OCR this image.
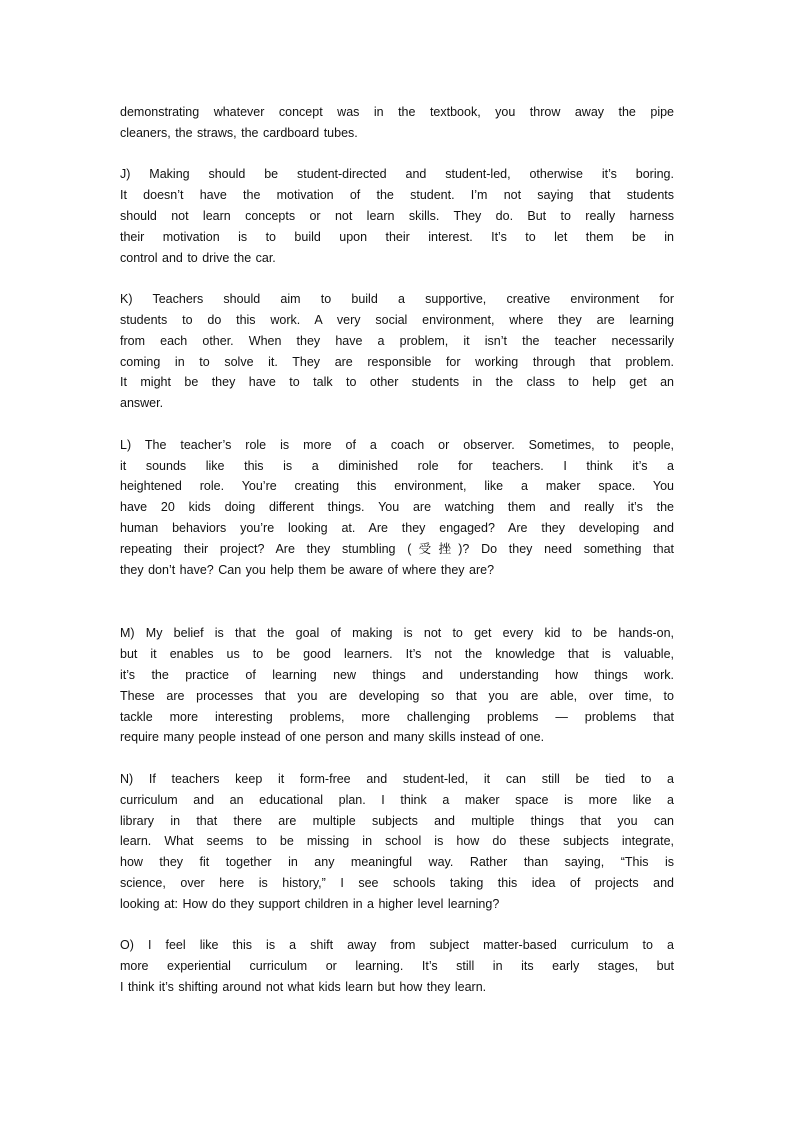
demonstrating whatever concept was in the textbook, you throw away the pipe
cleaners, the straws, the cardboard tubes.
J) Making should be student-directed and student-led, otherwise it’s boring.
It doesn’t have the motivation of the student. I’m not saying that students
should not learn concepts or not learn skills. They do. But to really harness
their motivation is to build upon their interest. It’s to let them be in
control and to drive the car.
K) Teachers should aim to build a supportive, creative environment for
students to do this work. A very social environment, where they are learning
from each other. When they have a problem, it isn’t the teacher necessarily
coming in to solve it. They are responsible for working through that problem.
It might be they have to talk to other students in the class to help get an
answer.
L) The teacher’s role is more of a coach or observer. Sometimes, to people,
it sounds like this is a diminished role for teachers. I think it’s a
heightened role. You’re creating this environment, like a maker space. You
have 20 kids doing different things. You are watching them and really it’s the
human behaviors you’re looking at. Are they engaged? Are they developing and
repeating their project? Are they stumbling (受挫)? Do they need something that
they don’t have? Can you help them be aware of where they are?
M) My belief is that the goal of making is not to get every kid to be hands-on,
but it enables us to be good learners. It’s not the knowledge that is valuable,
it’s the practice of learning new things and understanding how things work.
These are processes that you are developing so that you are able, over time, to
tackle more interesting problems, more challenging problems — problems that
require many people instead of one person and many skills instead of one.
N) If teachers keep it form-free and student-led, it can still be tied to a
curriculum and an educational plan. I think a maker space is more like a
library in that there are multiple subjects and multiple things that you can
learn. What seems to be missing in school is how do these subjects integrate,
how they fit together in any meaningful way. Rather than saying, “This is
science, over here is history,” I see schools taking this idea of projects and
looking at: How do they support children in a higher level learning?
O) I feel like this is a shift away from subject matter-based curriculum to a
more experiential curriculum or learning. It’s still in its early stages, but
I think it’s shifting around not what kids learn but how they learn.
